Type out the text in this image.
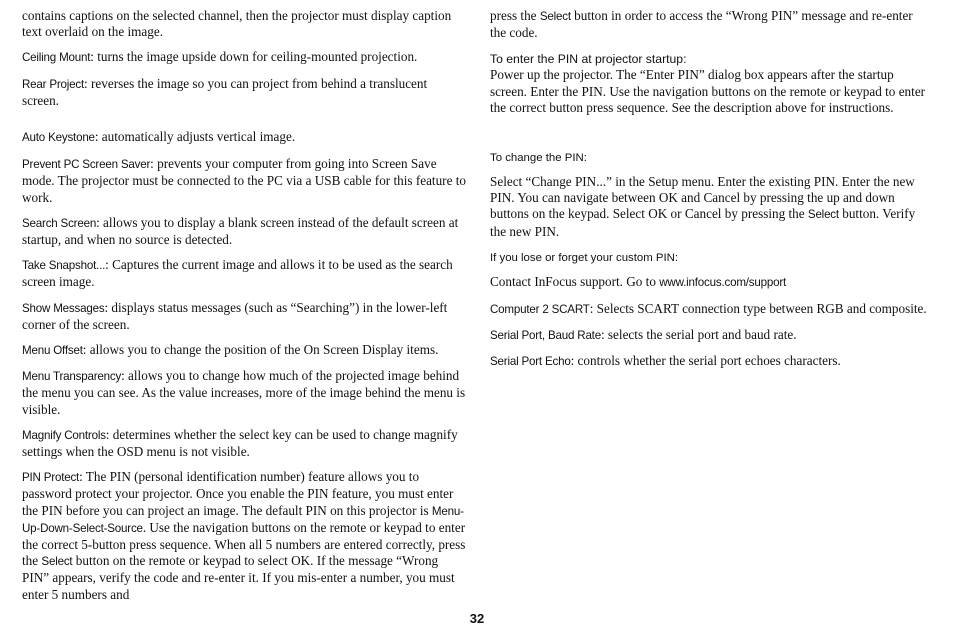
contains captions on the selected channel, then the projector must display caption text overlaid on the image.

Ceiling Mount: turns the image upside down for ceiling-mounted projection.

Rear Project: reverses the image so you can project from behind a translucent screen.

Auto Keystone: automatically adjusts vertical image.

Prevent PC Screen Saver: prevents your computer from going into Screen Save mode. The projector must be connected to the PC via a USB cable for this feature to work.

Search Screen: allows you to display a blank screen instead of the default screen at startup, and when no source is detected.

Take Snapshot...: Captures the current image and allows it to be used as the search screen image.

Show Messages: displays status messages (such as “Searching”) in the lower-left corner of the screen.

Menu Offset: allows you to change the position of the On Screen Display items.

Menu Transparency: allows you to change how much of the projected image behind the menu you can see. As the value increases, more of the image behind the menu is visible.

Magnify Controls: determines whether the select key can be used to change magnify settings when the OSD menu is not visible.

PIN Protect: The PIN (personal identification number) feature allows you to password protect your projector. Once you enable the PIN feature, you must enter the PIN before you can project an image. The default PIN on this projector is Menu-Up-Down-Select-Source. Use the navigation buttons on the remote or keypad to enter the correct 5-button press sequence. When all 5 numbers are entered correctly, press the Select button on the remote or keypad to select OK. If the message “Wrong PIN” appears, verify the code and re-enter it. If you mis-enter a number, you must enter 5 numbers and

press the Select button in order to access the “Wrong PIN” message and re-enter the code.

To enter the PIN at projector startup:

Power up the projector. The “Enter PIN” dialog box appears after the startup screen. Enter the PIN. Use the navigation buttons on the remote or keypad to enter the correct button press sequence. See the description above for instructions.

To change the PIN:

Select “Change PIN...” in the Setup menu. Enter the existing PIN. Enter the new PIN. You can navigate between OK and Cancel by pressing the up and down buttons on the keypad. Select OK or Cancel by pressing the Select button. Verify the new PIN.

If you lose or forget your custom PIN:

Contact InFocus support. Go to www.infocus.com/support

Computer 2 SCART: Selects SCART connection type between RGB and composite.

Serial Port, Baud Rate: selects the serial port and baud rate.

Serial Port Echo: controls whether the serial port echoes characters.

32
